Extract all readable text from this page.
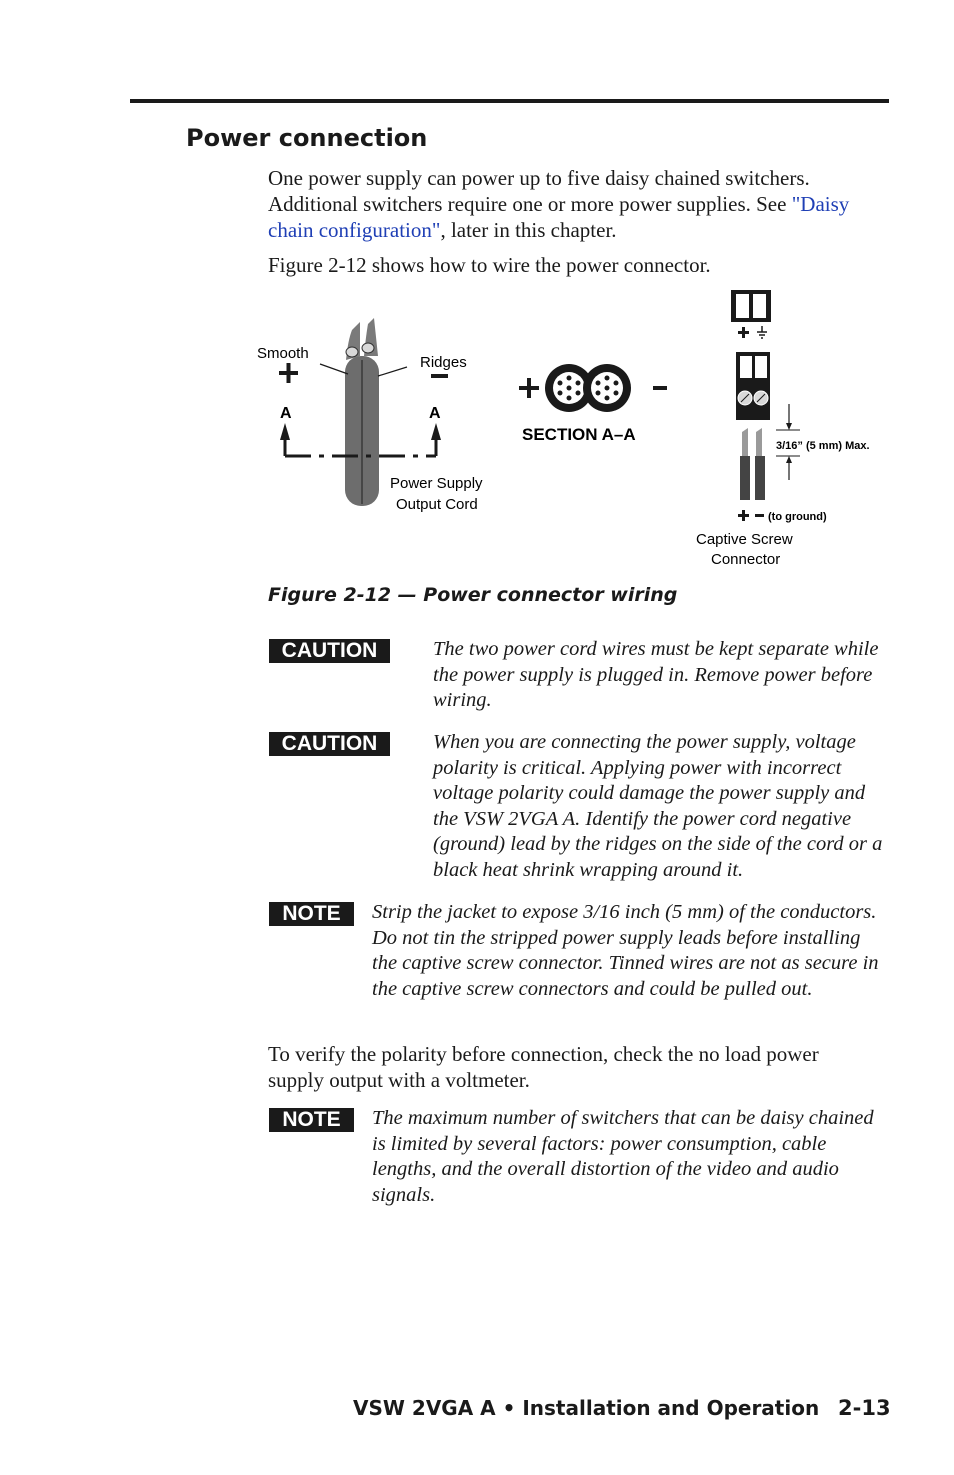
Power connection
One power supply can power up to five daisy chained switchers. Additional switchers require one or more power supplies. See "Daisy chain configuration", later in this chapter.
Figure 2-12 shows how to wire the power connector.
Smooth
Ridges
A	A
Power Supply
Output Cord
SECTION A–A
3/16” (5 mm) Max.
(to ground)
Captive Screw
Connector
Figure 2-12 — Power connector wiring
CAUTION	The two power cord wires must be kept separate while the power supply is plugged in. Remove power before wiring.
CAUTION	When you are connecting the power supply, voltage polarity is critical. Applying power with incorrect voltage polarity could damage the power supply and the VSW 2VGA A. Identify the power cord negative (ground) lead by the ridges on the side of the cord or a black heat shrink wrapping around it.
NOTE	Strip the jacket to expose 3/16 inch (5 mm) of the conductors. Do not tin the stripped power supply leads before installing the captive screw connector. Tinned wires are not as secure in the captive screw connectors and could be pulled out.
To verify the polarity before connection, check the no load power supply output with a voltmeter.
NOTE	The maximum number of switchers that can be daisy chained is limited by several factors: power consumption, cable lengths, and the overall distortion of the video and audio signals.
VSW 2VGA A • Installation and Operation 2-13
